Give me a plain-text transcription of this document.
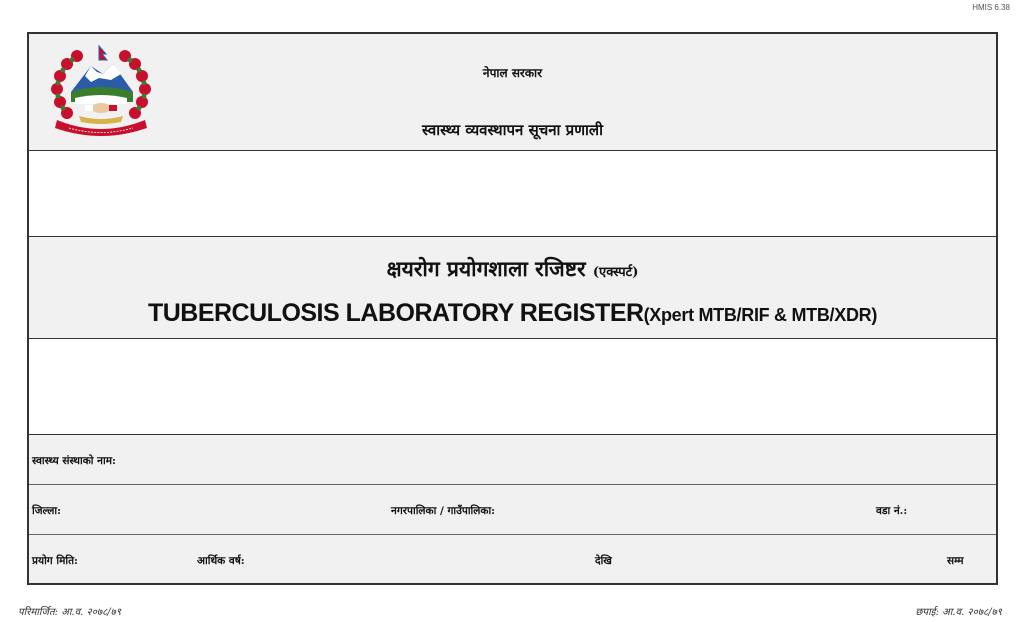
HMIS 6.38
नेपाल सरकार
स्वास्थ्य व्यवस्थापन सूचना प्रणाली
क्षयरोग प्रयोगशाला रजिष्टर (एक्स्पर्ट)
TUBERCULOSIS LABORATORY REGISTER(Xpert MTB/RIF & MTB/XDR)
स्वास्थ्य संस्थाको नाम:
जिल्ला:	नगरपालिका / गाउँपालिका:	वडा नं.:
प्रयोग मिति:	आर्थिक वर्ष:	देखि	सम्म
परिमार्जित: आ.व. २०७८/७९	छपाई: आ.व. २०७८/७९
